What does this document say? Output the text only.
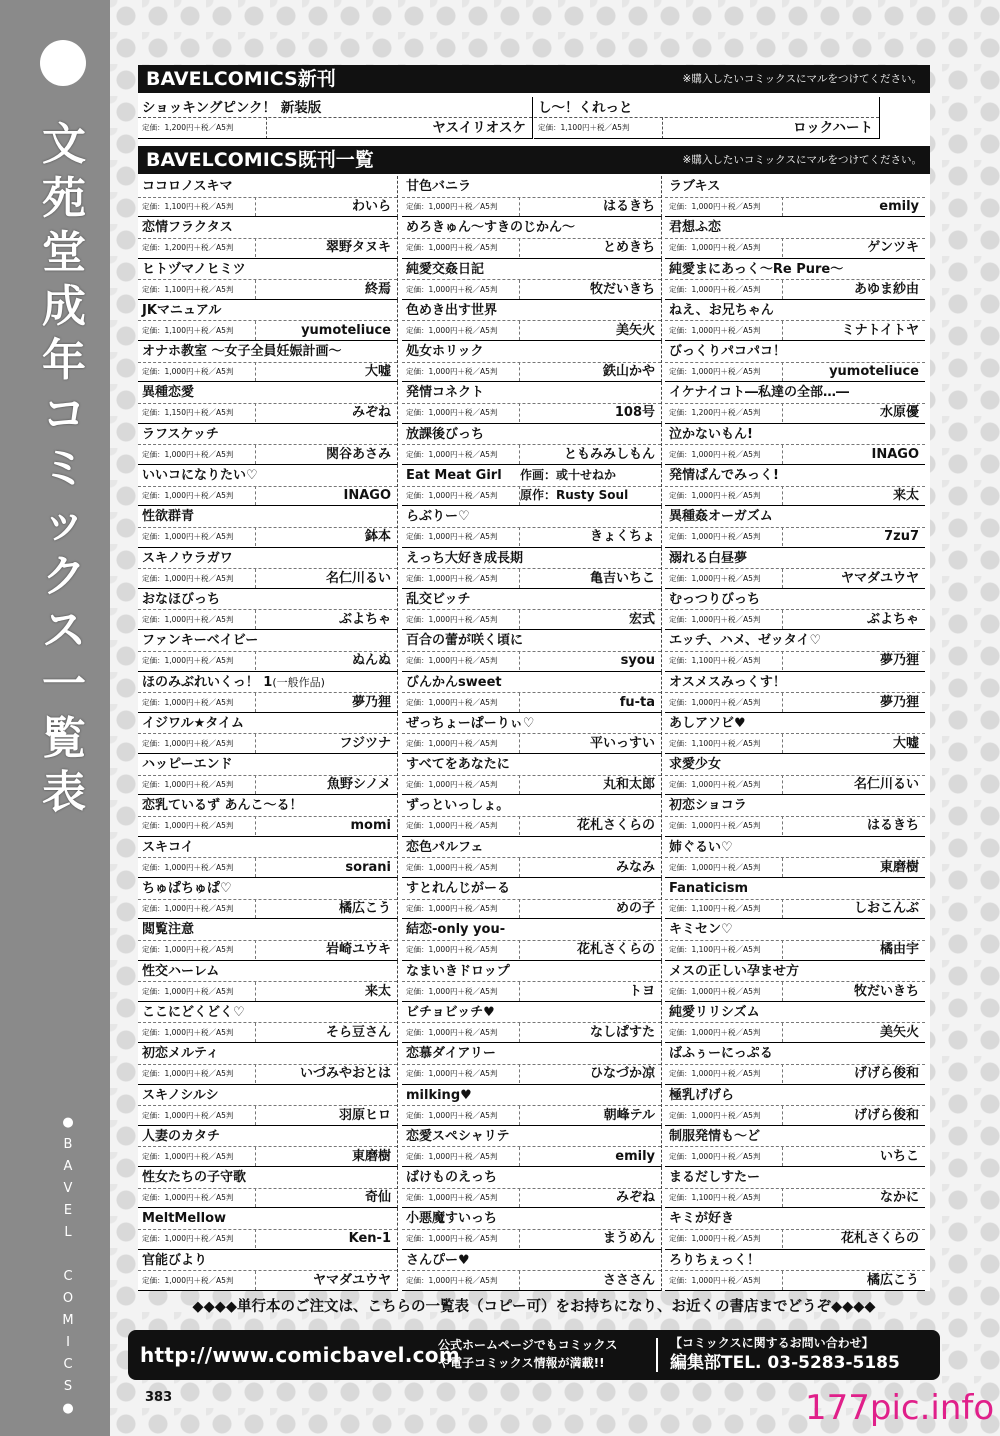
文
苑
堂
成
年
コ
ミ
ッ
ク
ス
一
覧
表
●
B
A
V
E
L
C
O
M
I
C
S
●
BAVELCOMICS新刊	※購入したいコミックスにマルをつけてください。
ショッキングピンク！ 新装版
定価：1,200円＋税／A5判	ヤスイリオスケ
し～！くれっと
定価：1,100円＋税／A5判	ロックハート
BAVELCOMICS既刊一覧	※購入したいコミックスにマルをつけてください。
ココロノスキマ
定価：1,100円＋税／A5判	わいら
恋情フラクタス
定価：1,200円＋税／A5判	翠野タヌキ
ヒトヅマノヒミツ
定価：1,100円＋税／A5判	終焉
JKマニュアル
定価：1,100円＋税／A5判	yumoteliuce
オナホ教室 ～女子全員妊娠計画～
定価：1,000円＋税／A5判	大嘘
異種恋愛
定価：1,150円＋税／A5判	みぞね
ラフスケッチ
定価：1,000円＋税／A5判	関谷あさみ
いいコになりたい♡
定価：1,000円＋税／A5判	INAGO
性欲群青
定価：1,000円＋税／A5判	鉢本
スキノウラガワ
定価：1,000円＋税／A5判	名仁川るい
おなほびっち
定価：1,000円＋税／A5判	ぶよちゃ
ファンキーベイビー
定価：1,000円＋税／A5判	ぬんぬ
ほのみぶれいくっ！ 1(一般作品)
定価：1,000円＋税／A5判	夢乃狸
イジワル★タイム
定価：1,000円＋税／A5判	フジツナ
ハッピーエンド
定価：1,000円＋税／A5判	魚野シノメ
恋乳ているず あんこ～る！
定価：1,000円＋税／A5判	momi
スキコイ
定価：1,000円＋税／A5判	sorani
ちゅぱちゅぱ♡
定価：1,000円＋税／A5判	橘広こう
閲覧注意
定価：1,000円＋税／A5判	岩崎ユウキ
性交ハーレム
定価：1,000円＋税／A5判	来太
ここにどくどく♡
定価：1,000円＋税／A5判	そら豆さん
初恋メルティ
定価：1,000円＋税／A5判	いづみやおとは
スキノシルシ
定価：1,000円＋税／A5判	羽原ヒロ
人妻のカタチ
定価：1,000円＋税／A5判	東磨樹
性女たちの子守歌
定価：1,000円＋税／A5判	奇仙
MeltMellow
定価：1,000円＋税／A5判	Ken-1
官能びより
定価：1,000円＋税／A5判	ヤマダユウヤ
甘色バニラ
定価：1,000円＋税／A5判	はるきち
めろきゅん～すきのじかん～
定価：1,000円＋税／A5判	とめきち
純愛交姦日記
定価：1,000円＋税／A5判	牧だいきち
色めき出す世界
定価：1,000円＋税／A5判	美矢火
処女ホリック
定価：1,000円＋税／A5判	鉄山かや
発情コネクト
定価：1,000円＋税／A5判	108号
放課後びっち
定価：1,000円＋税／A5判	ともみみしもん
Eat Meat Girl
定価：1,000円＋税／A5判
作画：或十せねか
原作：Rusty Soul
らぶりー♡
定価：1,000円＋税／A5判	きょくちょ
えっち大好き成長期
定価：1,000円＋税／A5判	亀吉いちこ
乱交ビッチ
定価：1,000円＋税／A5判	宏式
百合の蕾が咲く頃に
定価：1,000円＋税／A5判	syou
びんかんsweet
定価：1,000円＋税／A5判	fu-ta
ぜっちょーぱーりぃ♡
定価：1,000円＋税／A5判	平いっすい
すべてをあなたに
定価：1,000円＋税／A5判	丸和太郎
ずっといっしょ。
定価：1,000円＋税／A5判	花札さくらの
恋色パルフェ
定価：1,000円＋税／A5判	みなみ
すとれんじがーる
定価：1,000円＋税／A5判	めの子
結恋-only you-
定価：1,000円＋税／A5判	花札さくらの
なまいきドロップ
定価：1,000円＋税／A5判	トヨ
ビチョビッチ♥
定価：1,000円＋税／A5判	なしぱすた
恋慕ダイアリー
定価：1,000円＋税／A5判	ひなづか凉
milking♥
定価：1,000円＋税／A5判	朝峰テル
恋愛スペシャリテ
定価：1,000円＋税／A5判	emily
ばけものえっち
定価：1,000円＋税／A5判	みぞね
小悪魔すいっち
定価：1,000円＋税／A5判	まうめん
さんぴー♥
定価：1,000円＋税／A5判	さささん
ラブキス
定価：1,000円＋税／A5判	emily
君想ふ恋
定価：1,000円＋税／A5判	ゲンツキ
純愛まにあっく～Re Pure～
定価：1,000円＋税／A5判	あゆま紗由
ねえ、お兄ちゃん
定価：1,000円＋税／A5判	ミナトイトヤ
びっくりパコパコ！
定価：1,000円＋税／A5判	yumoteliuce
イケナイコト―私達の全部…―
定価：1,200円＋税／A5判	水原優
泣かないもん!
定価：1,000円＋税／A5判	INAGO
発情ぱんでみっく!
定価：1,000円＋税／A5判	来太
異種姦オーガズム
定価：1,000円＋税／A5判	7zu7
溺れる白昼夢
定価：1,000円＋税／A5判	ヤマダユウヤ
むっつりびっち
定価：1,000円＋税／A5判	ぶよちゃ
エッチ、ハメ、ゼッタイ♡
定価：1,100円＋税／A5判	夢乃狸
オスメスみっくす！
定価：1,000円＋税／A5判	夢乃狸
あしアソビ♥
定価：1,100円＋税／A5判	大嘘
求愛少女
定価：1,000円＋税／A5判	名仁川るい
初恋ショコラ
定価：1,000円＋税／A5判	はるきち
姉ぐるい♡
定価：1,000円＋税／A5判	東磨樹
Fanaticism
定価：1,100円＋税／A5判	しおこんぶ
キミセン♡
定価：1,100円＋税／A5判	橘由宇
メスの正しい孕ませ方
定価：1,000円＋税／A5判	牧だいきち
純愛リリシズム
定価：1,000円＋税／A5判	美矢火
ばふぅーにっぷる
定価：1,000円＋税／A5判	げげら俊和
極乳げげら
定価：1,000円＋税／A5判	げげら俊和
制服発情も～ど
定価：1,000円＋税／A5判	いちこ
まるだしすたー
定価：1,100円＋税／A5判	なかに
キミが好き
定価：1,000円＋税／A5判	花札さくらの
ろりちぇっく！
定価：1,000円＋税／A5判	橘広こう
◆◆◆◆単行本のご注文は、こちらの一覧表（コピー可）をお持ちになり、お近くの書店までどうぞ◆◆◆◆
http://www.comicbavel.com
公式ホームページでもコミックス
や電子コミックス情報が満載!!
【コミックスに関するお問い合わせ】
編集部TEL. 03-5283-5185
383	177pic.info
